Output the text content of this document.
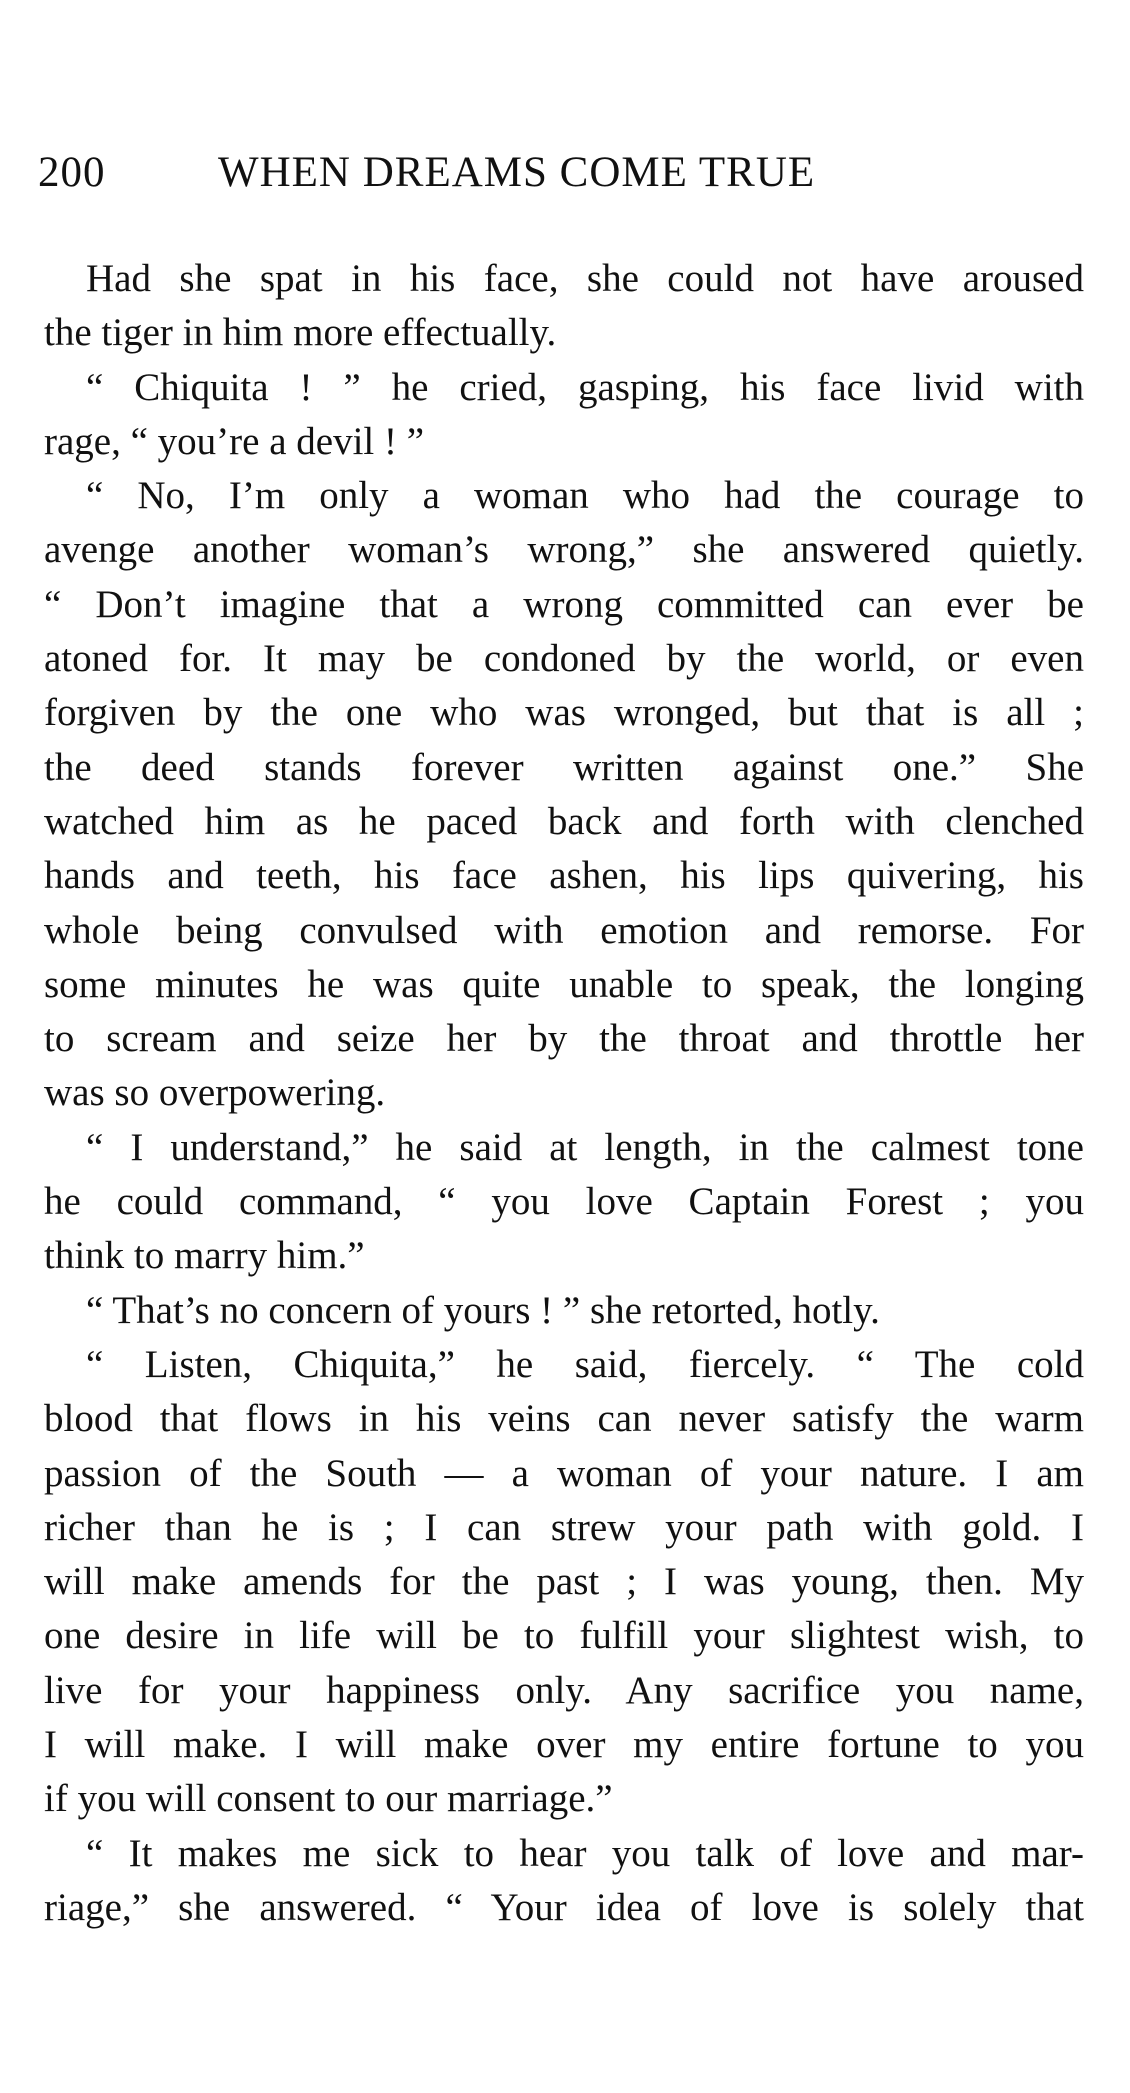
200	WHEN DREAMS COME TRUE
Had she spat in his face, she could not have aroused
the tiger in him more effectually.
“ Chiquita ! ” he cried, gasping, his face livid with
rage, “ you’re a devil ! ”
“ No, I’m only a woman who had the courage to
avenge another woman’s wrong,” she answered quietly.
“ Don’t imagine that a wrong committed can ever be
atoned for. It may be condoned by the world, or even
forgiven by the one who was wronged, but that is all ;
the deed stands forever written against one.” She
watched him as he paced back and forth with clenched
hands and teeth, his face ashen, his lips quivering, his
whole being convulsed with emotion and remorse. For
some minutes he was quite unable to speak, the longing
to scream and seize her by the throat and throttle her
was so overpowering.
“ I understand,” he said at length, in the calmest tone
he could command, “ you love Captain Forest ; you
think to marry him.”
“ That’s no concern of yours ! ” she retorted, hotly.
“ Listen, Chiquita,” he said, fiercely. “ The cold
blood that flows in his veins can never satisfy the warm
passion of the South — a woman of your nature. I am
richer than he is ; I can strew your path with gold. I
will make amends for the past ; I was young, then. My
one desire in life will be to fulfill your slightest wish, to
live for your happiness only. Any sacrifice you name,
I will make. I will make over my entire fortune to you
if you will consent to our marriage.”
“ It makes me sick to hear you talk of love and mar-
riage,” she answered. “ Your idea of love is solely that
